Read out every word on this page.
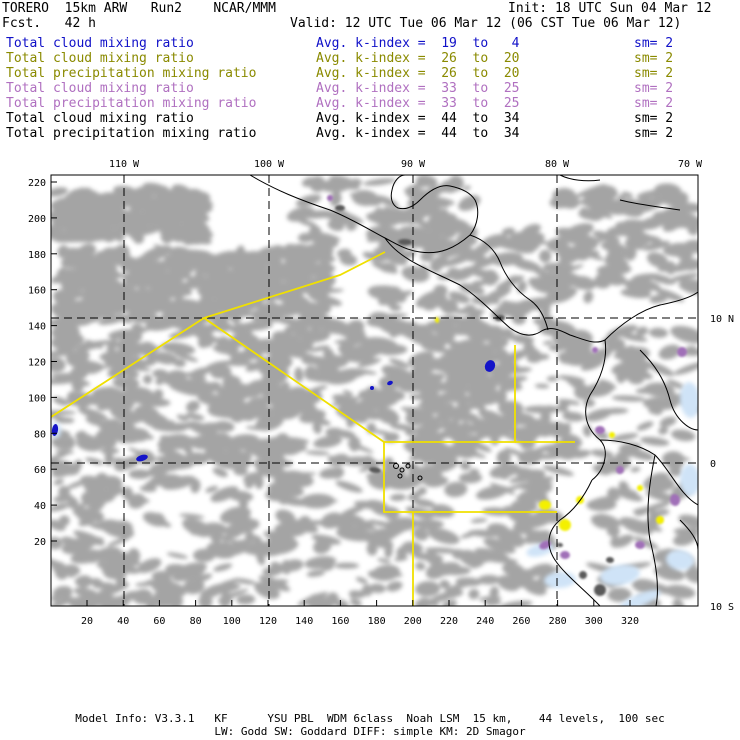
TORERO  15km ARW   Run2    NCAR/MMM	Init: 18 UTC Sun 04 Mar 12
Fcst.   42 h	Valid: 12 UTC Tue 06 Mar 12 (06 CST Tue 06 Mar 12)
Total cloud mixing ratio	Avg. k-index =  19  to   4	sm= 2
Total cloud mixing ratio	Avg. k-index =  26  to  20	sm= 2
Total precipitation mixing ratio	Avg. k-index =  26  to  20	sm= 2
Total cloud mixing ratio	Avg. k-index =  33  to  25	sm= 2
Total precipitation mixing ratio	Avg. k-index =  33  to  25	sm= 2
Total cloud mixing ratio	Avg. k-index =  44  to  34	sm= 2
Total precipitation mixing ratio	Avg. k-index =  44  to  34	sm= 2
110 W	100 W	90 W	80 W	70 W
10 N
0
10 S
220
200
180
160
140
120
100
80
60
40
20
20 40 60 80 100 120 140 160 180 200 220 240 260 280 300 320
Model Info: V3.3.1   KF      YSU PBL  WDM 6class  Noah LSM  15 km,    44 levels,  100 sec
LW: Godd SW: Goddard DIFF: simple KM: 2D Smagor
